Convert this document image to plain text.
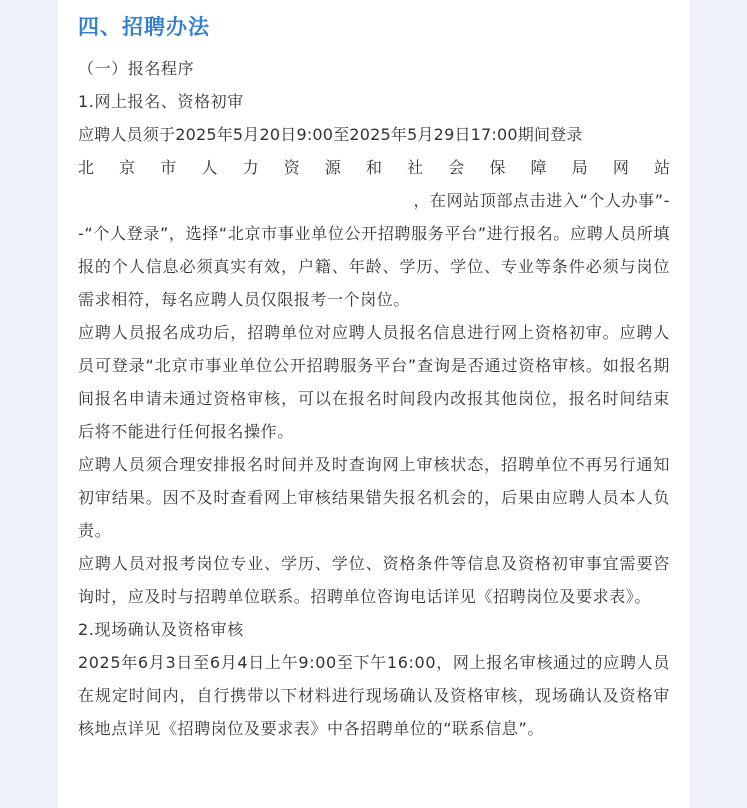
四、招聘办法

（一）报名程序

1.网上报名、资格初审

应聘人员须于2025年5月20日9:00至2025年5月29日17:00期间登录

北京市人力资源和社会保障局网站

，在网站顶部点击进入“个人办事”-

-“个人登录”，选择“北京市事业单位公开招聘服务平台”进行报名。应聘人员所填报的个人信息必须真实有效，户籍、年龄、学历、学位、专业等条件必须与岗位需求相符，每名应聘人员仅限报考一个岗位。

应聘人员报名成功后，招聘单位对应聘人员报名信息进行网上资格初审。应聘人员可登录“北京市事业单位公开招聘服务平台”查询是否通过资格审核。如报名期间报名申请未通过资格审核，可以在报名时间段内改报其他岗位，报名时间结束后将不能进行任何报名操作。

应聘人员须合理安排报名时间并及时查询网上审核状态，招聘单位不再另行通知初审结果。因不及时查看网上审核结果错失报名机会的，后果由应聘人员本人负责。

应聘人员对报考岗位专业、学历、学位、资格条件等信息及资格初审事宜需要咨询时，应及时与招聘单位联系。招聘单位咨询电话详见《招聘岗位及要求表》。

2.现场确认及资格审核

2025年6月3日至6月4日上午9:00至下午16:00，网上报名审核通过的应聘人员在规定时间内，自行携带以下材料进行现场确认及资格审核，现场确认及资格审核地点详见《招聘岗位及要求表》中各招聘单位的“联系信息”。
